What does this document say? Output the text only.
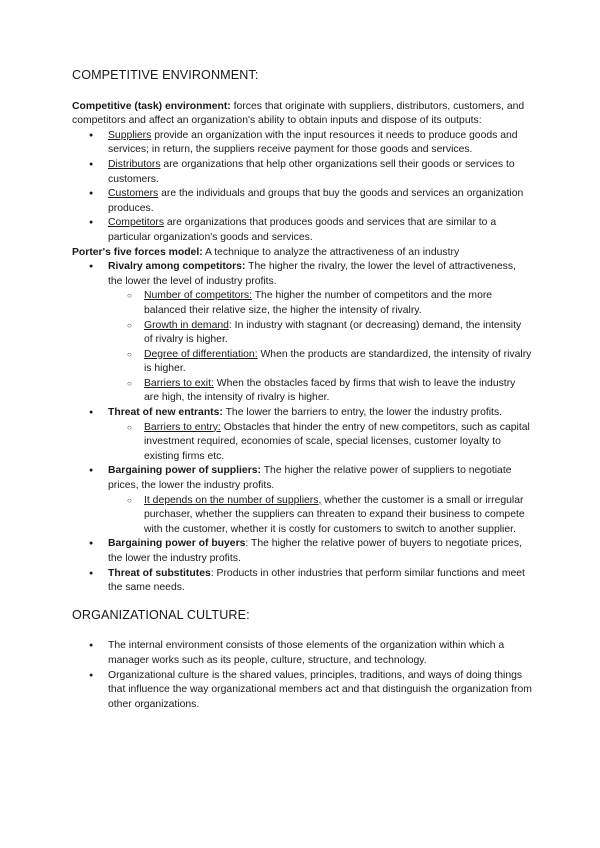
COMPETITIVE ENVIRONMENT:

Competitive (task) environment: forces that originate with suppliers, distributors, customers, and competitors and affect an organization's ability to obtain inputs and dispose of its outputs:

● Suppliers provide an organization with the input resources it needs to produce goods and services; in return, the suppliers receive payment for those goods and services.
● Distributors are organizations that help other organizations sell their goods or services to customers.
● Customers are the individuals and groups that buy the goods and services an organization produces.
● Competitors are organizations that produces goods and services that are similar to a particular organization's goods and services.

Porter's five forces model: A technique to analyze the attractiveness of an industry

● Rivalry among competitors: The higher the rivalry, the lower the level of attractiveness, the lower the level of industry profits.
○ Number of competitors: The higher the number of competitors and the more balanced their relative size, the higher the intensity of rivalry.
○ Growth in demand: In industry with stagnant (or decreasing) demand, the intensity of rivalry is higher.
○ Degree of differentiation: When the products are standardized, the intensity of rivalry is higher.
○ Barriers to exit: When the obstacles faced by firms that wish to leave the industry are high, the intensity of rivalry is higher.
● Threat of new entrants: The lower the barriers to entry, the lower the industry profits.
○ Barriers to entry: Obstacles that hinder the entry of new competitors, such as capital investment required, economies of scale, special licenses, customer loyalty to existing firms etc.
● Bargaining power of suppliers: The higher the relative power of suppliers to negotiate prices, the lower the industry profits.
○ It depends on the number of suppliers, whether the customer is a small or irregular purchaser, whether the suppliers can threaten to expand their business to compete with the customer, whether it is costly for customers to switch to another supplier.
● Bargaining power of buyers: The higher the relative power of buyers to negotiate prices, the lower the industry profits.
● Threat of substitutes: Products in other industries that perform similar functions and meet the same needs.
ORGANIZATIONAL CULTURE:
● The internal environment consists of those elements of the organization within which a manager works such as its people, culture, structure, and technology.
● Organizational culture is the shared values, principles, traditions, and ways of doing things that influence the way organizational members act and that distinguish the organization from other organizations.
